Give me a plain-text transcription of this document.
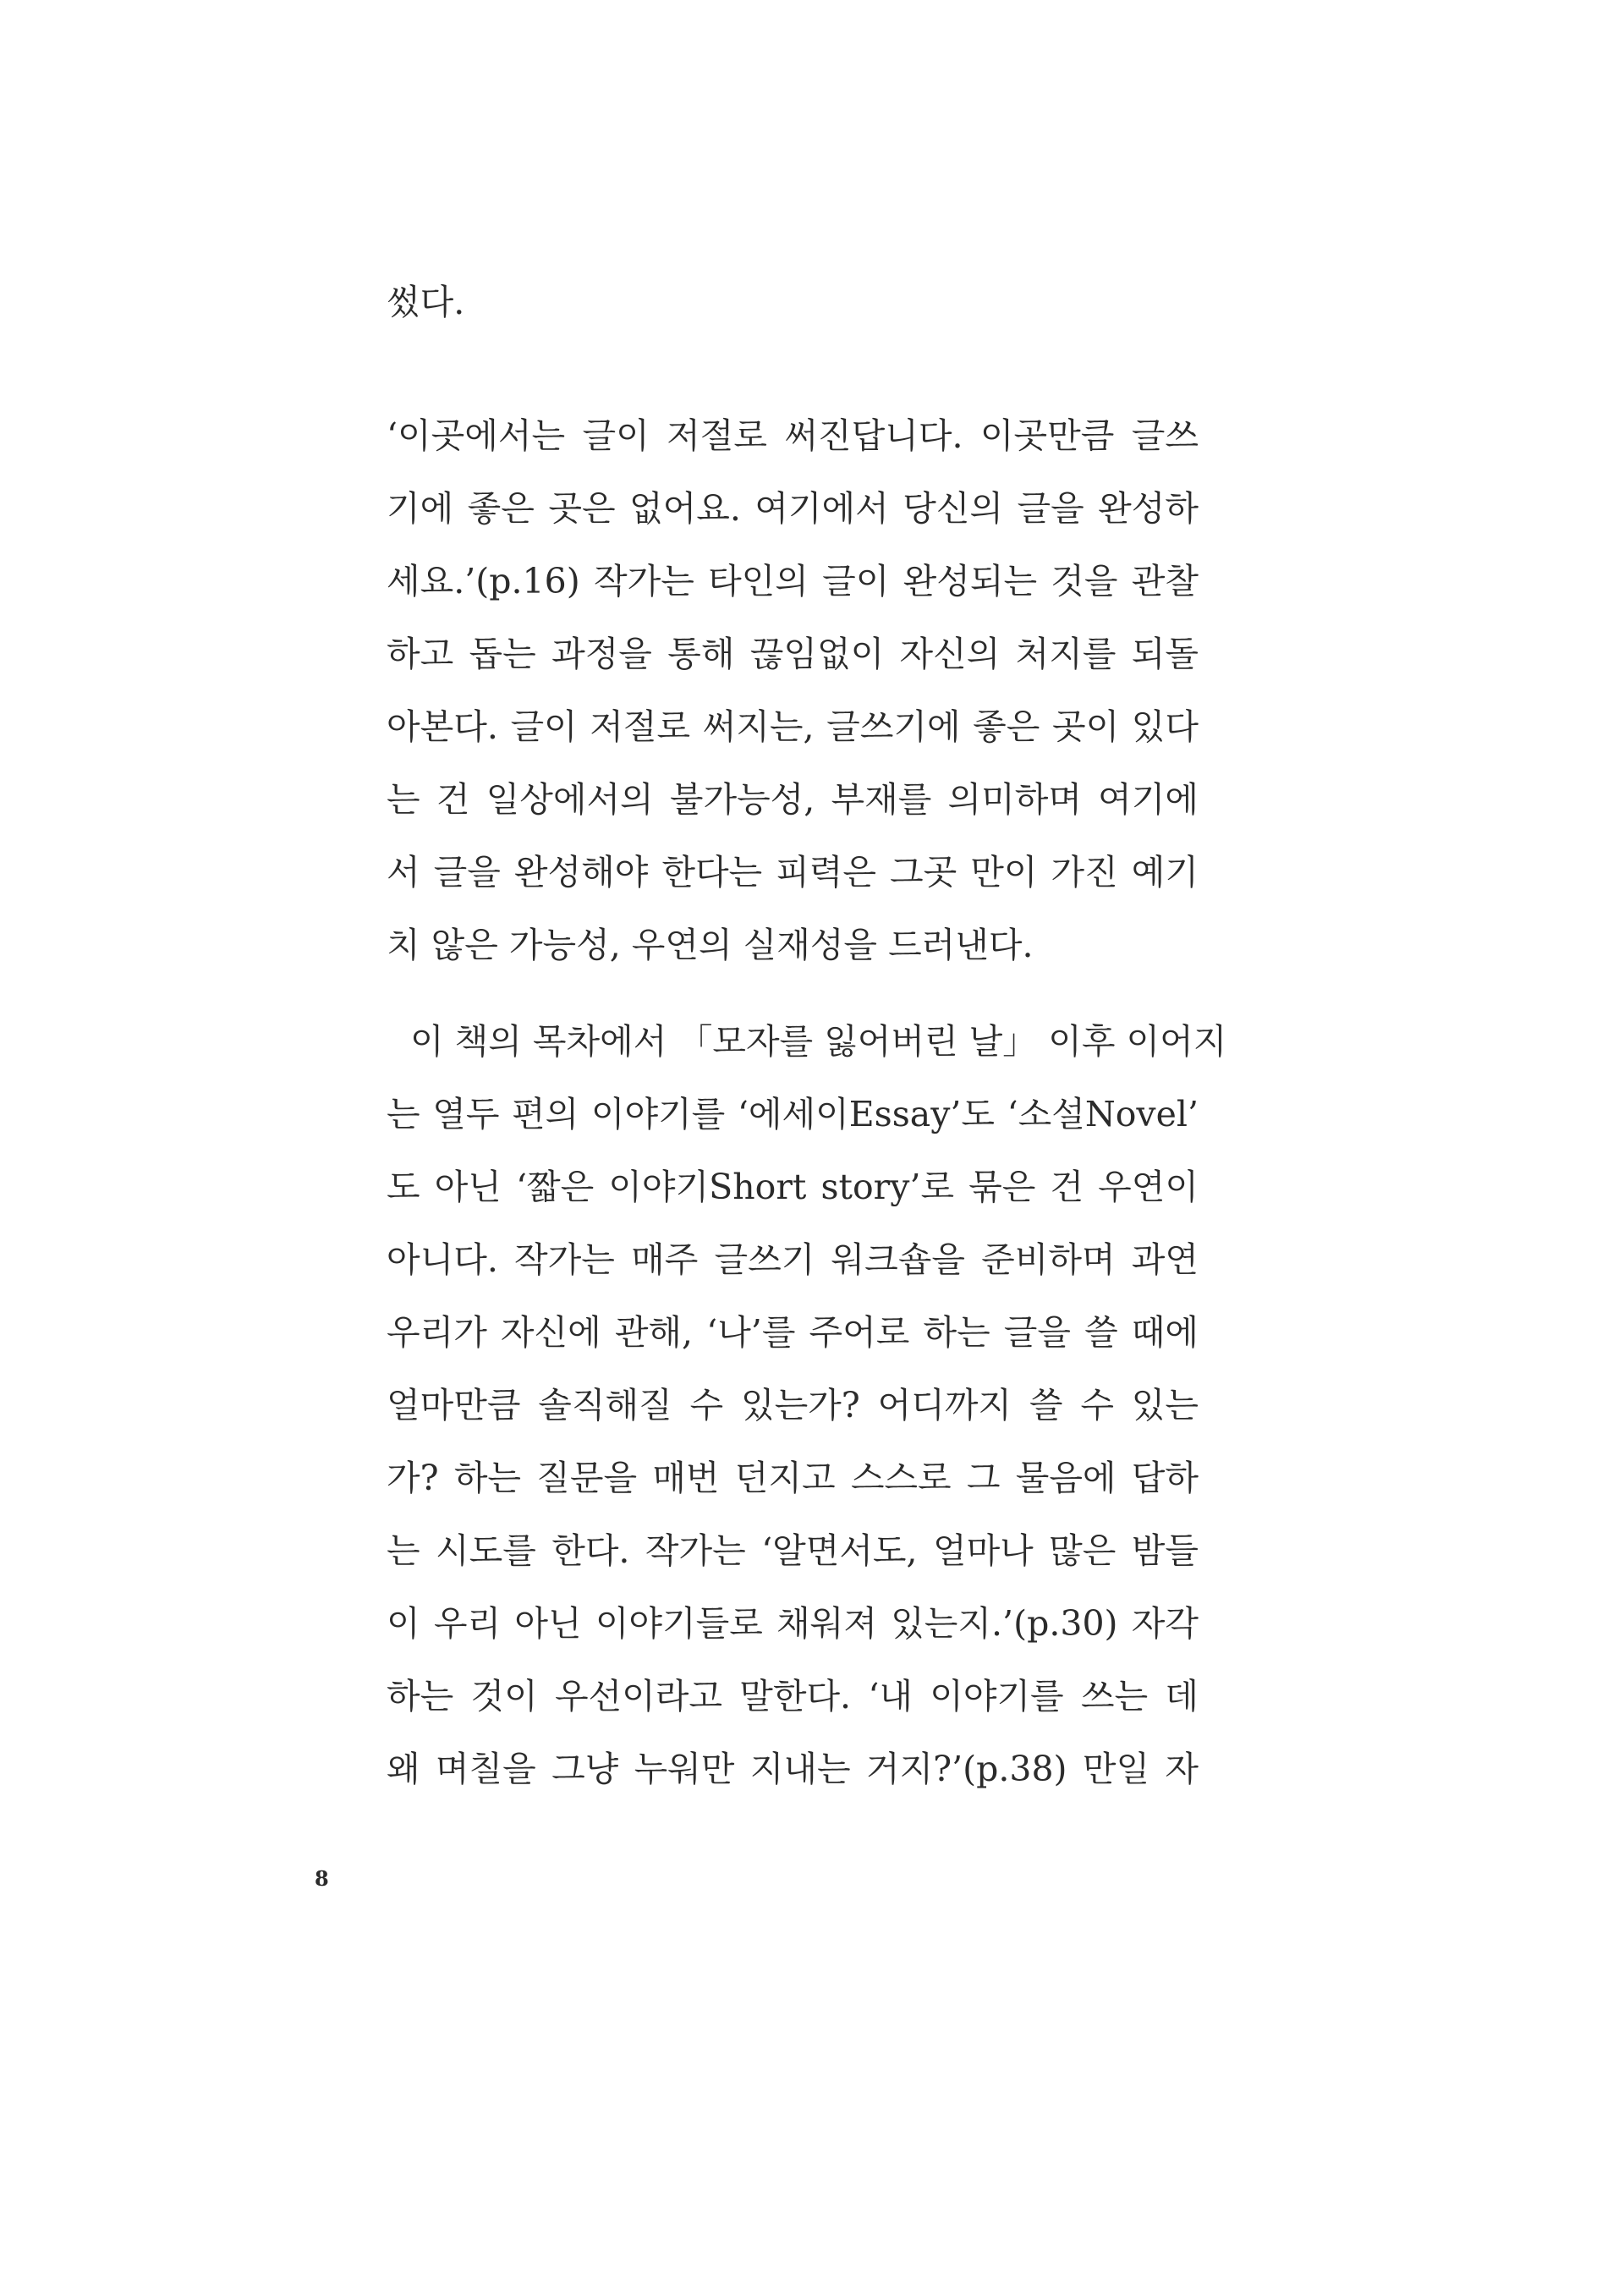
썼다.
‘이곳에서는 글이 저절로 써진답니다. 이곳만큼 글쓰
기에 좋은 곳은 없어요. 여기에서 당신의 글을 완성하
세요.’(p.16) 작가는 타인의 글이 완성되는 것을 관찰
하고 돕는 과정을 통해 끊임없이 자신의 처지를 되돌
아본다. 글이 저절로 써지는, 글쓰기에 좋은 곳이 있다
는 건 일상에서의 불가능성, 부재를 의미하며 여기에
서 글을 완성해야 한다는 피력은 그곳 만이 가진 예기
치 않은 가능성, 우연의 실재성을 드러낸다.
이 책의 목차에서 「모자를 잃어버린 날」 이후 이어지
는 열두 편의 이야기를 ‘에세이Essay’도 ‘소설Novel’
도 아닌 ‘짧은 이야기Short story’로 묶은 건 우연이
아니다. 작가는 매주 글쓰기 워크숍을 준비하며 과연
우리가 자신에 관해, ‘나’를 주어로 하는 글을 쓸 때에
얼마만큼 솔직해질 수 있는가? 어디까지 쓸 수 있는
가? 하는 질문을 매번 던지고 스스로 그 물음에 답하
는 시도를 한다. 작가는 ‘알면서도, 얼마나 많은 밤들
이 우리 아닌 이야기들로 채워져 있는지.’(p.30) 자각
하는 것이 우선이라고 말한다. ‘내 이야기를 쓰는 데
왜 며칠을 그냥 누워만 지내는 거지?’(p.38) 만일 자
8
